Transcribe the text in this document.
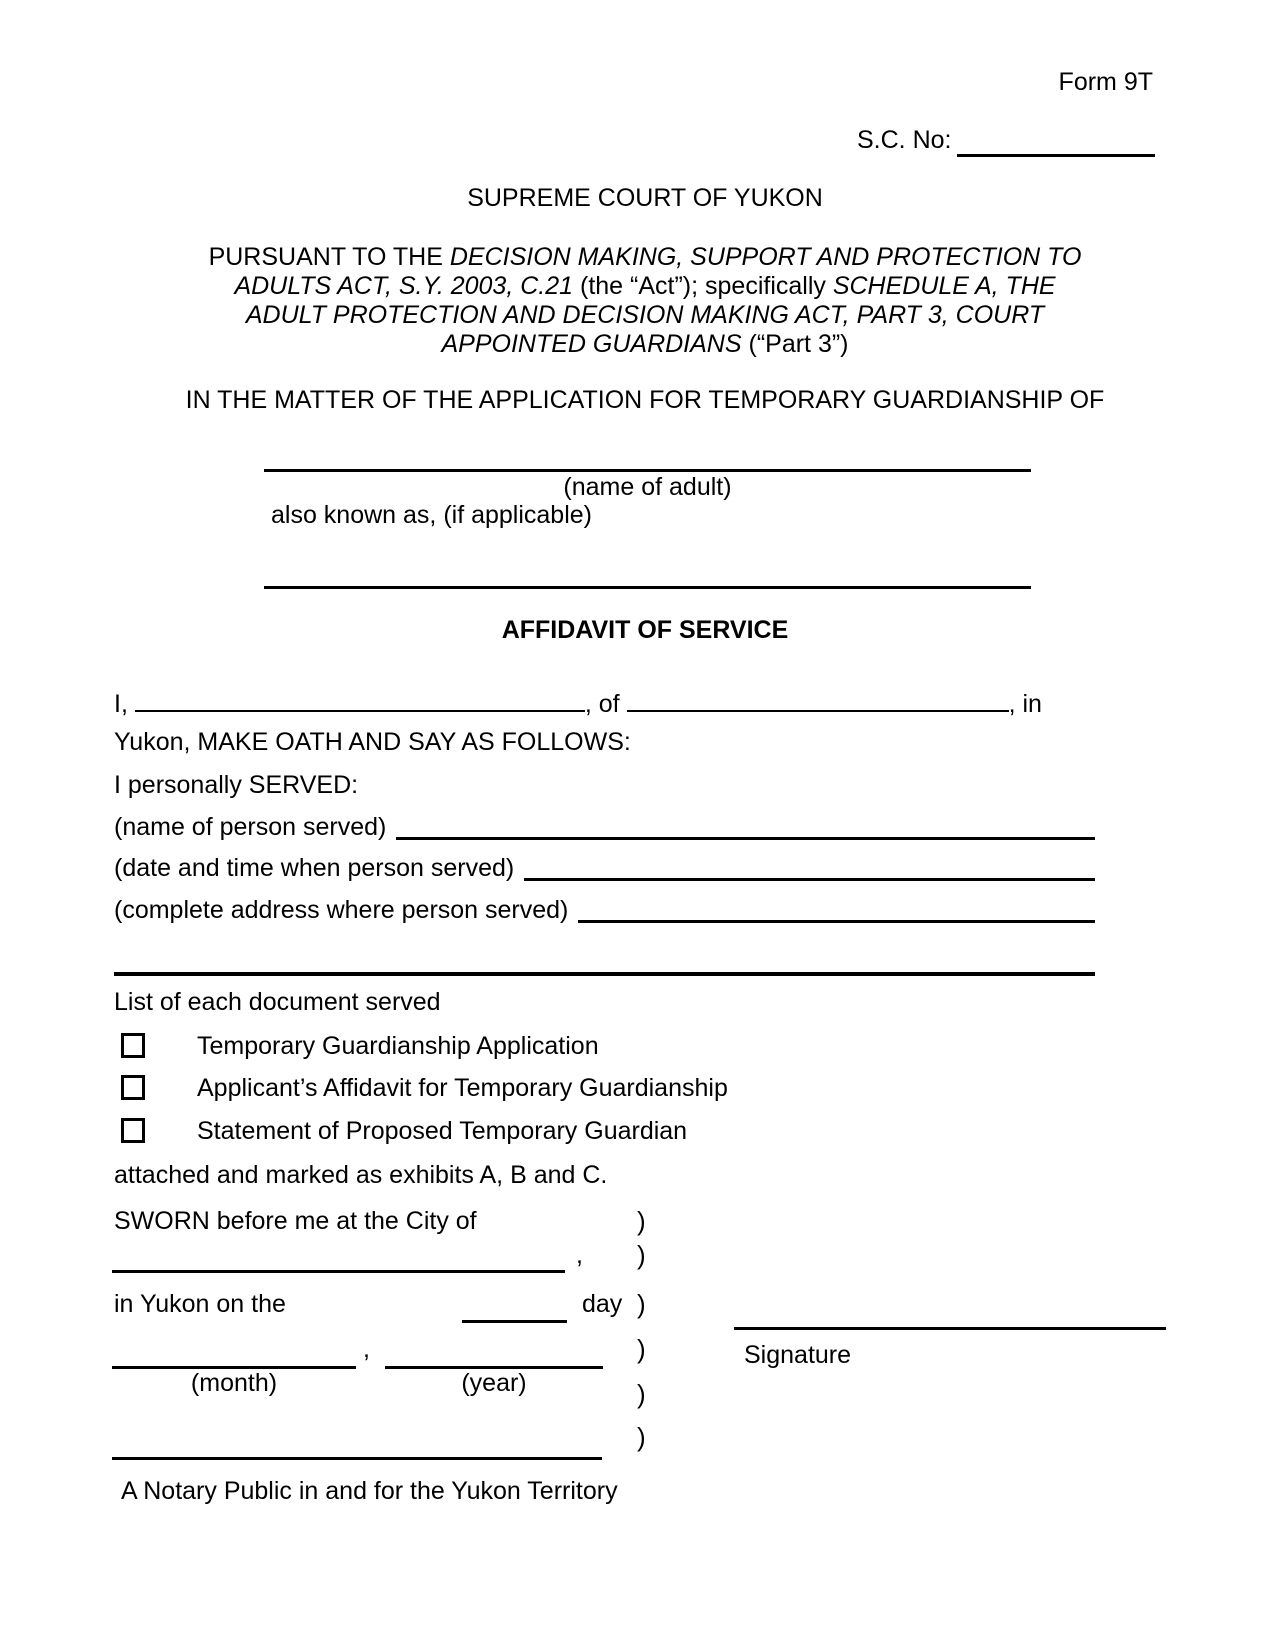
Form 9T
S.C. No:
SUPREME COURT OF YUKON
PURSUANT TO THE DECISION MAKING, SUPPORT AND PROTECTION TO
ADULTS ACT, S.Y. 2003, C.21 (the “Act”); specifically SCHEDULE A, THE
ADULT PROTECTION AND DECISION MAKING ACT, PART 3, COURT
APPOINTED GUARDIANS (“Part 3”)
IN THE MATTER OF THE APPLICATION FOR TEMPORARY GUARDIANSHIP OF
(name of adult)
also known as, (if applicable)
AFFIDAVIT OF SERVICE
I,	, of	, in
Yukon, MAKE OATH AND SAY AS FOLLOWS:
I personally SERVED:
(name of person served)
(date and time when person served)
(complete address where person served)
List of each document served
Temporary Guardianship Application
Applicant’s Affidavit for Temporary Guardianship
Statement of Proposed Temporary Guardian
attached and marked as exhibits A, B and C.
SWORN before me at the City of	)
)
)
)
)
)
,
in Yukon on the	day
Signature
,
(month)	(year)
A Notary Public in and for the Yukon Territory
